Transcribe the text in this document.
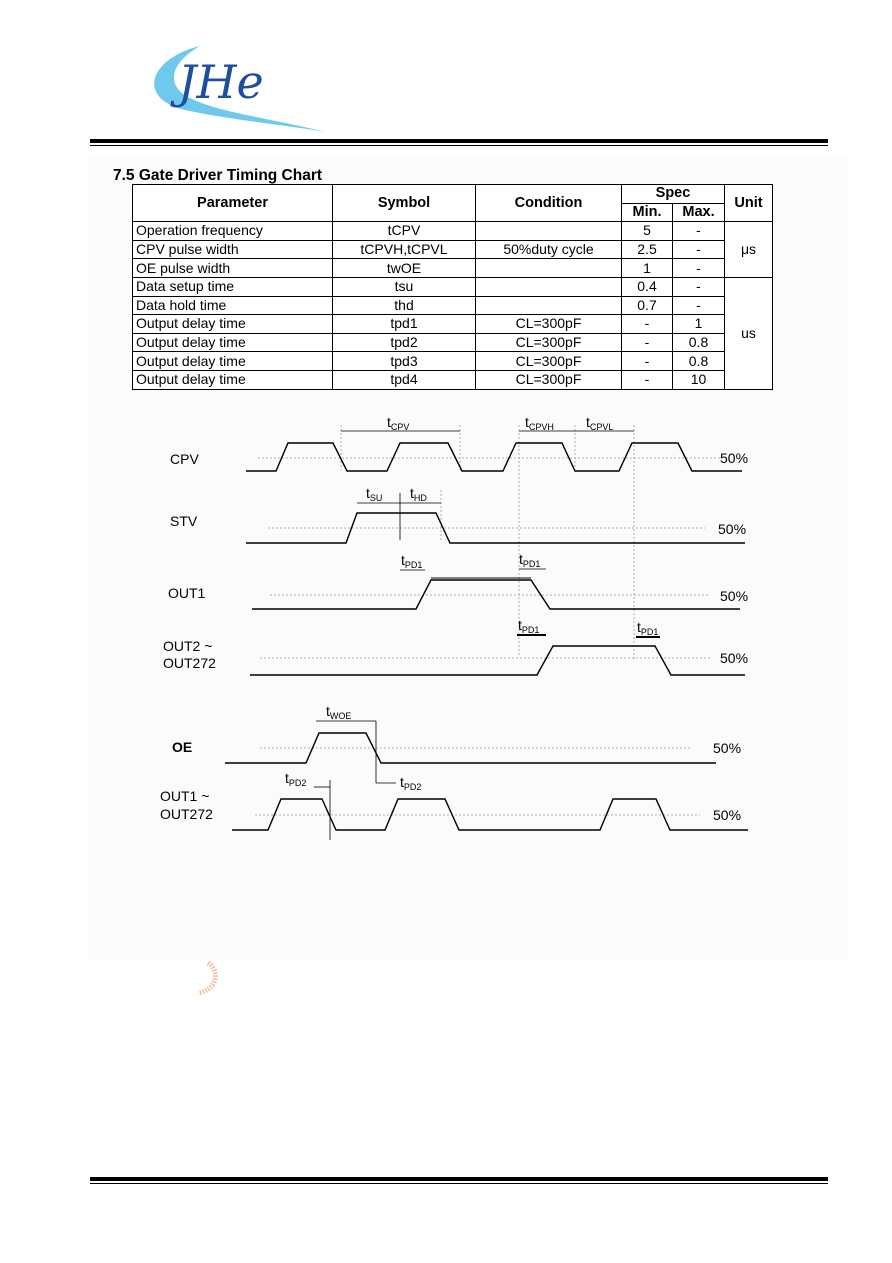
JHe
7.5 Gate Driver Timing Chart
Parameter	Symbol	Condition	Spec		Unit
			Min.	Max.	
Operation frequency	tCPV		5	-	μs
CPV pulse width	tCPVH,tCPVL	50%duty cycle	2.5	-	
OE pulse width	twOE		1	-	
Data setup time	tsu		0.4	-	us
Data hold time	thd		0.7	-	
Output delay time	tpd1	CL=300pF	-	1	
Output delay time	tpd2	CL=300pF	-	0.8	
Output delay time	tpd3	CL=300pF	-	0.8	
Output delay time	tpd4	CL=300pF	-	10	
CPV
STV
OUT1
OUT2 ~
OUT272
OE
OUT1 ~
OUT272
50%
50%
50%
50%
50%
50%
$t_{CPV}$	$t_{CPVH}$ $t_{CPVL}$
$t_{SU}$ $t_{HD}$
$t_{PD1}$	$t_{PD1}$
$t_{PD1}$	$t_{PD1}$
$t_{WOE}$
$t_{PD2}$	$t_{PD2}$
